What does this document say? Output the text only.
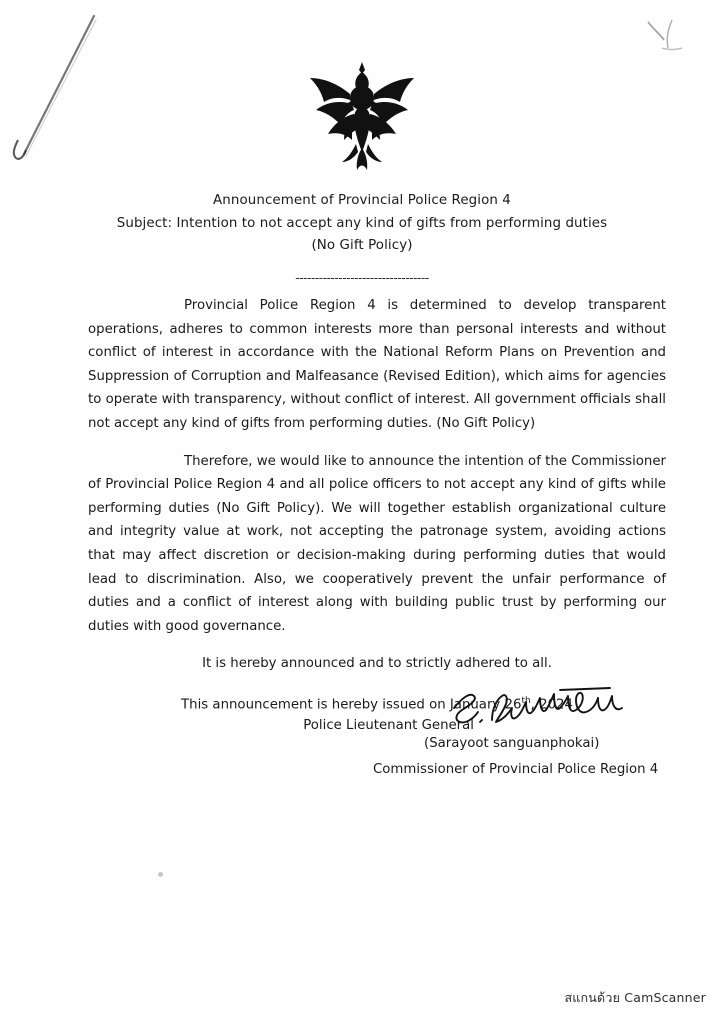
Announcement of Provincial Police Region 4
Subject: Intention to not accept any kind of gifts from performing duties
(No Gift Policy)
----------------------------------

Provincial Police Region 4 is determined to develop transparent operations, adheres to common interests more than personal interests and without conflict of interest in accordance with the National Reform Plans on Prevention and Suppression of Corruption and Malfeasance (Revised Edition), which aims for agencies to operate with transparency, without conflict of interest. All government officials shall not accept any kind of gifts from performing duties. (No Gift Policy)

Therefore, we would like to announce the intention of the Commissioner of Provincial Police Region 4 and all police officers to not accept any kind of gifts while performing duties (No Gift Policy). We will together establish organizational culture and integrity value at work, not accepting the patronage system, avoiding actions that may affect discretion or decision-making during performing duties that would lead to discrimination. Also, we cooperatively prevent the unfair performance of duties and a conflict of interest along with building public trust by performing our duties with good governance.

It is hereby announced and to strictly adhered to all.

This announcement is hereby issued on January 26th, 2024

Police Lieutenant General
(Sarayoot sanguanphokai)
Commissioner of Provincial Police Region 4
สแกนด้วย CamScanner
